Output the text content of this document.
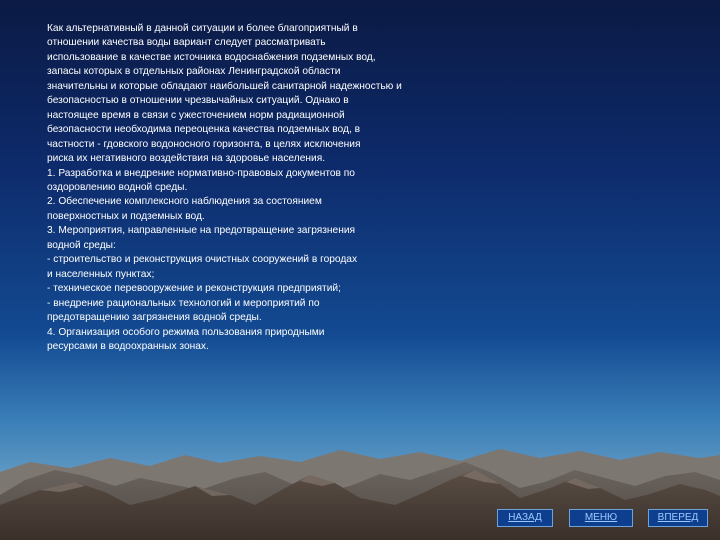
Как альтернативный в данной ситуации и более благоприятный в
отношении качества воды вариант следует рассматривать
использование в качестве источника водоснабжения подземных вод,
запасы которых в отдельных районах Ленинградской области
значительны и которые обладают наибольшей санитарной надежностью и
безопасностью в отношении чрезвычайных ситуаций. Однако в
настоящее время в связи с ужесточением норм радиационной
безопасности необходима переоценка качества подземных вод, в
частности - гдовского водоносного горизонта, в целях исключения
риска их негативного воздействия на здоровье населения.
1. Разработка и внедрение нормативно-правовых документов по
оздоровлению водной среды.
2. Обеспечение комплексного наблюдения за состоянием
поверхностных и подземных вод.
3. Мероприятия, направленные на предотвращение загрязнения
водной среды:
- строительство и реконструкция очистных сооружений в городах
и населенных пунктах;
- техническое перевооружение и реконструкция предприятий;
- внедрение рациональных технологий и мероприятий по
предотвращению загрязнения водной среды.
4. Организация особого режима пользования природными
ресурсами в водоохранных зонах.
НАЗАД	МЕНЮ	ВПЕРЕД
